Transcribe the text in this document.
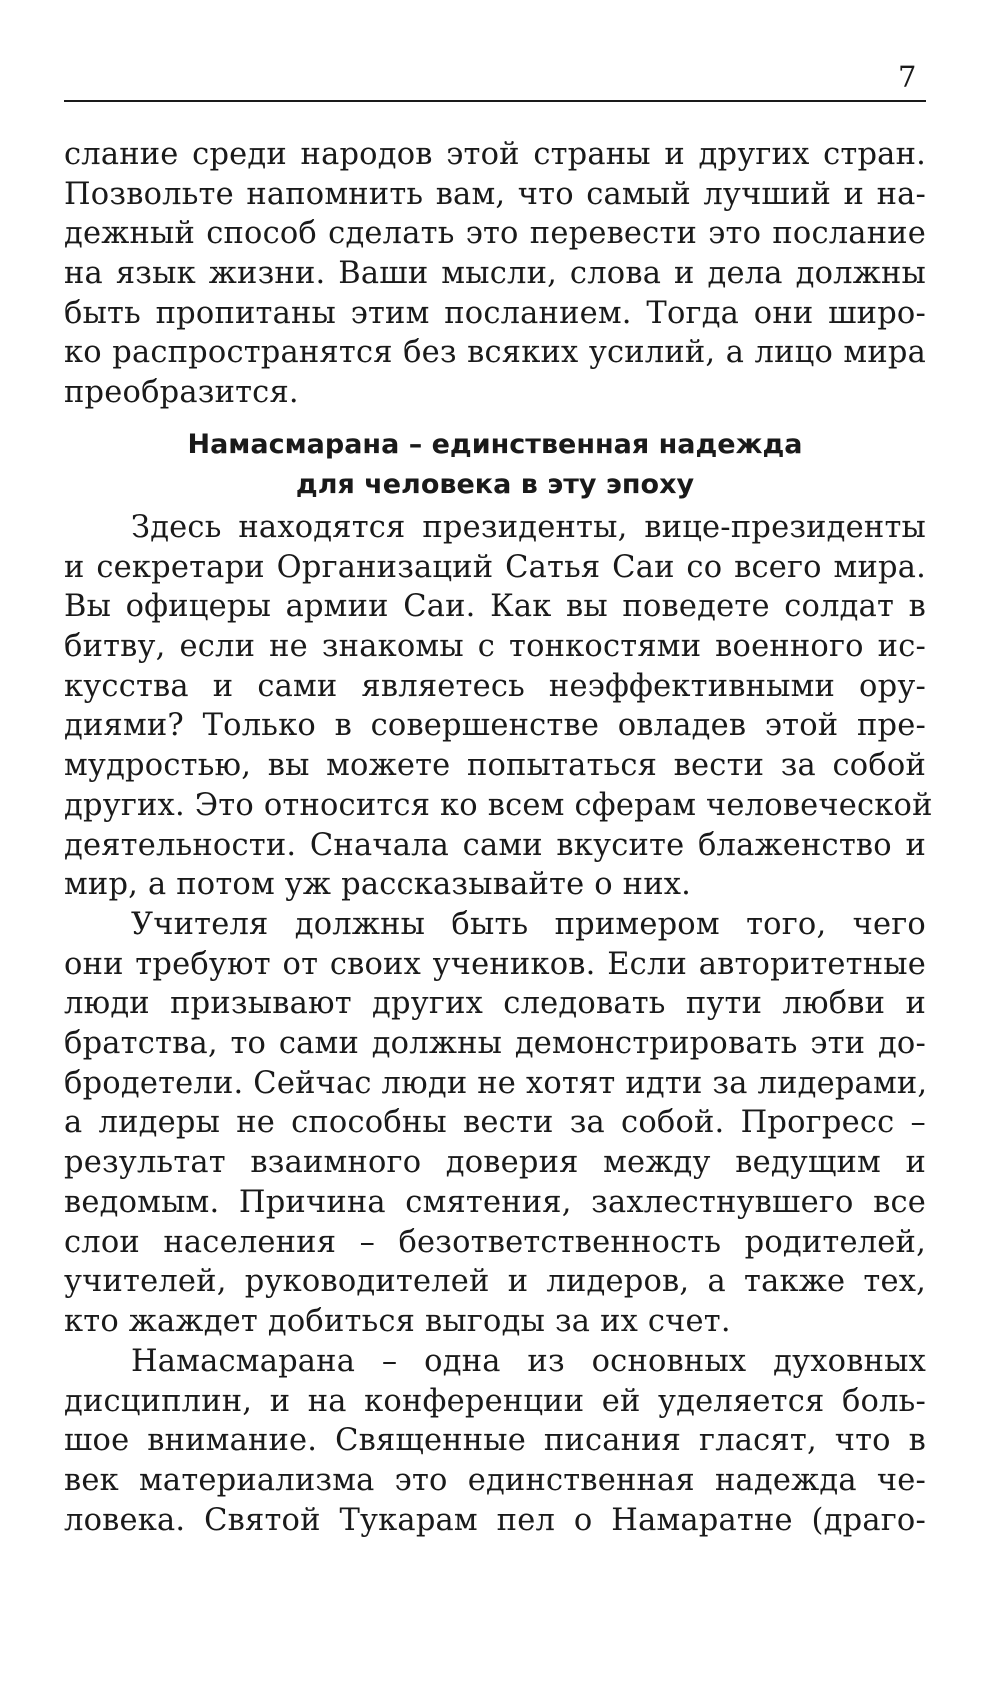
7
слание среди народов этой страны и других стран.
Позвольте напомнить вам, что самый лучший и на-
дежный способ сделать это перевести это послание
на язык жизни. Ваши мысли, слова и дела должны
быть пропитаны этим посланием. Тогда они широ-
ко распространятся без всяких усилий, а лицо мира
преобразится.
Намасмарана – единственная надежда
для человека в эту эпоху
Здесь находятся президенты, вице-президенты
и секретари Организаций Сатья Саи со всего мира.
Вы офицеры армии Саи. Как вы поведете солдат в
битву, если не знакомы с тонкостями военного ис-
кусства и сами являетесь неэффективными ору-
диями? Только в совершенстве овладев этой пре-
мудростью, вы можете попытаться вести за собой
других. Это относится ко всем сферам человеческой
деятельности. Сначала сами вкусите блаженство и
мир, а потом уж рассказывайте о них.
Учителя должны быть примером того, чего
они требуют от своих учеников. Если авторитетные
люди призывают других следовать пути любви и
братства, то сами должны демонстрировать эти до-
бродетели. Сейчас люди не хотят идти за лидерами,
а лидеры не способны вести за собой. Прогресс –
результат взаимного доверия между ведущим и
ведомым. Причина смятения, захлестнувшего все
слои населения – безответственность родителей,
учителей, руководителей и лидеров, а также тех,
кто жаждет добиться выгоды за их счет.
Намасмарана – одна из основных духовных
дисциплин, и на конференции ей уделяется боль-
шое внимание. Священные писания гласят, что в
век материализма это единственная надежда че-
ловека. Святой Тукарам пел о Намаратне (драго-
